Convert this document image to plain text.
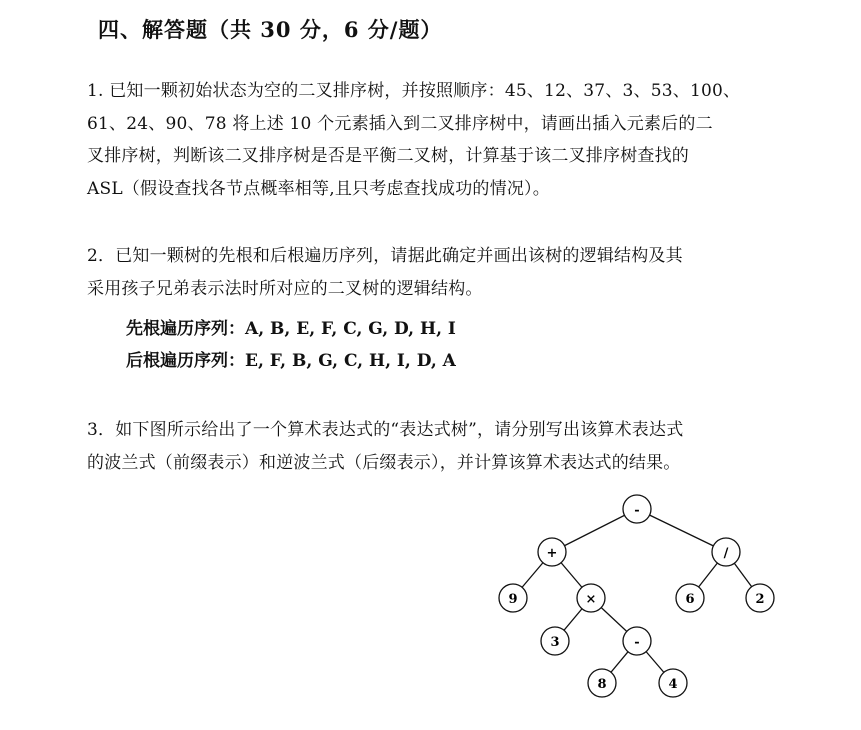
四、解答题（共 30 分，6 分/题）
1. 已知一颗初始状态为空的二叉排序树，并按照顺序：45、12、37、3、53、100、
61、24、90、78 将上述 10 个元素插入到二叉排序树中，请画出插入元素后的二
叉排序树，判断该二叉排序树是否是平衡二叉树，计算基于该二叉排序树查找的
ASL（假设查找各节点概率相等,且只考虑查找成功的情况）。
2．已知一颗树的先根和后根遍历序列，请据此确定并画出该树的逻辑结构及其
采用孩子兄弟表示法时所对应的二叉树的逻辑结构。
先根遍历序列：A, B, E, F, C, G, D, H, I
后根遍历序列：E, F, B, G, C, H, I, D, A
3．如下图所示给出了一个算术表达式的“表达式树”，请分别写出该算术表达式
的波兰式（前缀表示）和逆波兰式（后缀表示），并计算该算术表达式的结果。
-
+	/
9	×	6	2
3	-
8	4
